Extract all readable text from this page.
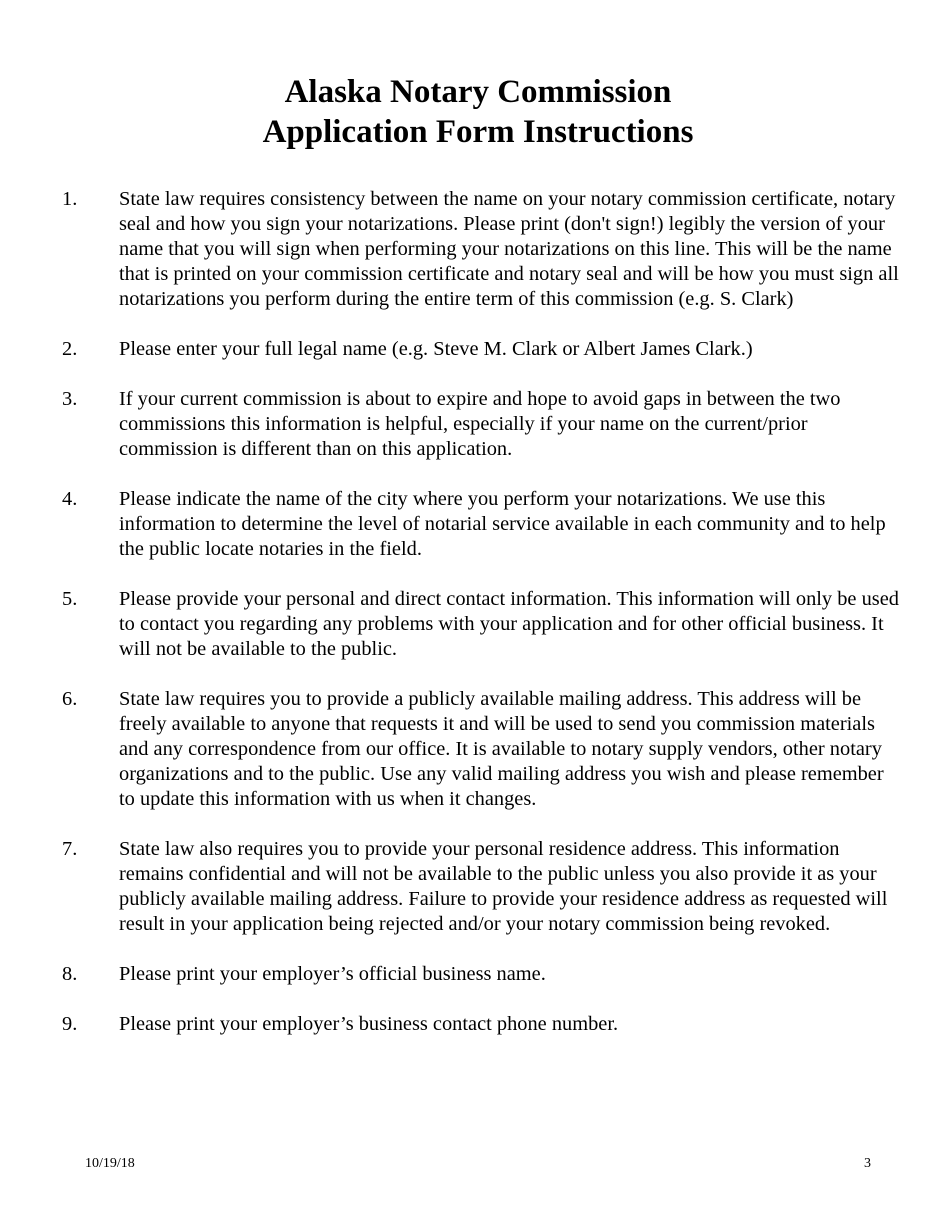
Alaska Notary Commission
Application Form Instructions
1. State law requires consistency between the name on your notary commission certificate, notary seal and how you sign your notarizations. Please print (don't sign!) legibly the version of your name that you will sign when performing your notarizations on this line. This will be the name that is printed on your commission certificate and notary seal and will be how you must sign all notarizations you perform during the entire term of this commission (e.g. S. Clark)
2. Please enter your full legal name (e.g. Steve M. Clark or Albert James Clark.)
3. If your current commission is about to expire and hope to avoid gaps in between the two commissions this information is helpful, especially if your name on the current/prior commission is different than on this application.
4. Please indicate the name of the city where you perform your notarizations. We use this information to determine the level of notarial service available in each community and to help the public locate notaries in the field.
5. Please provide your personal and direct contact information. This information will only be used to contact you regarding any problems with your application and for other official business. It will not be available to the public.
6. State law requires you to provide a publicly available mailing address. This address will be freely available to anyone that requests it and will be used to send you commission materials and any correspondence from our office. It is available to notary supply vendors, other notary organizations and to the public. Use any valid mailing address you wish and please remember to update this information with us when it changes.
7. State law also requires you to provide your personal residence address. This information remains confidential and will not be available to the public unless you also provide it as your publicly available mailing address. Failure to provide your residence address as requested will result in your application being rejected and/or your notary commission being revoked.
8. Please print your employer’s official business name.
9. Please print your employer’s business contact phone number.
10/19/18	3
